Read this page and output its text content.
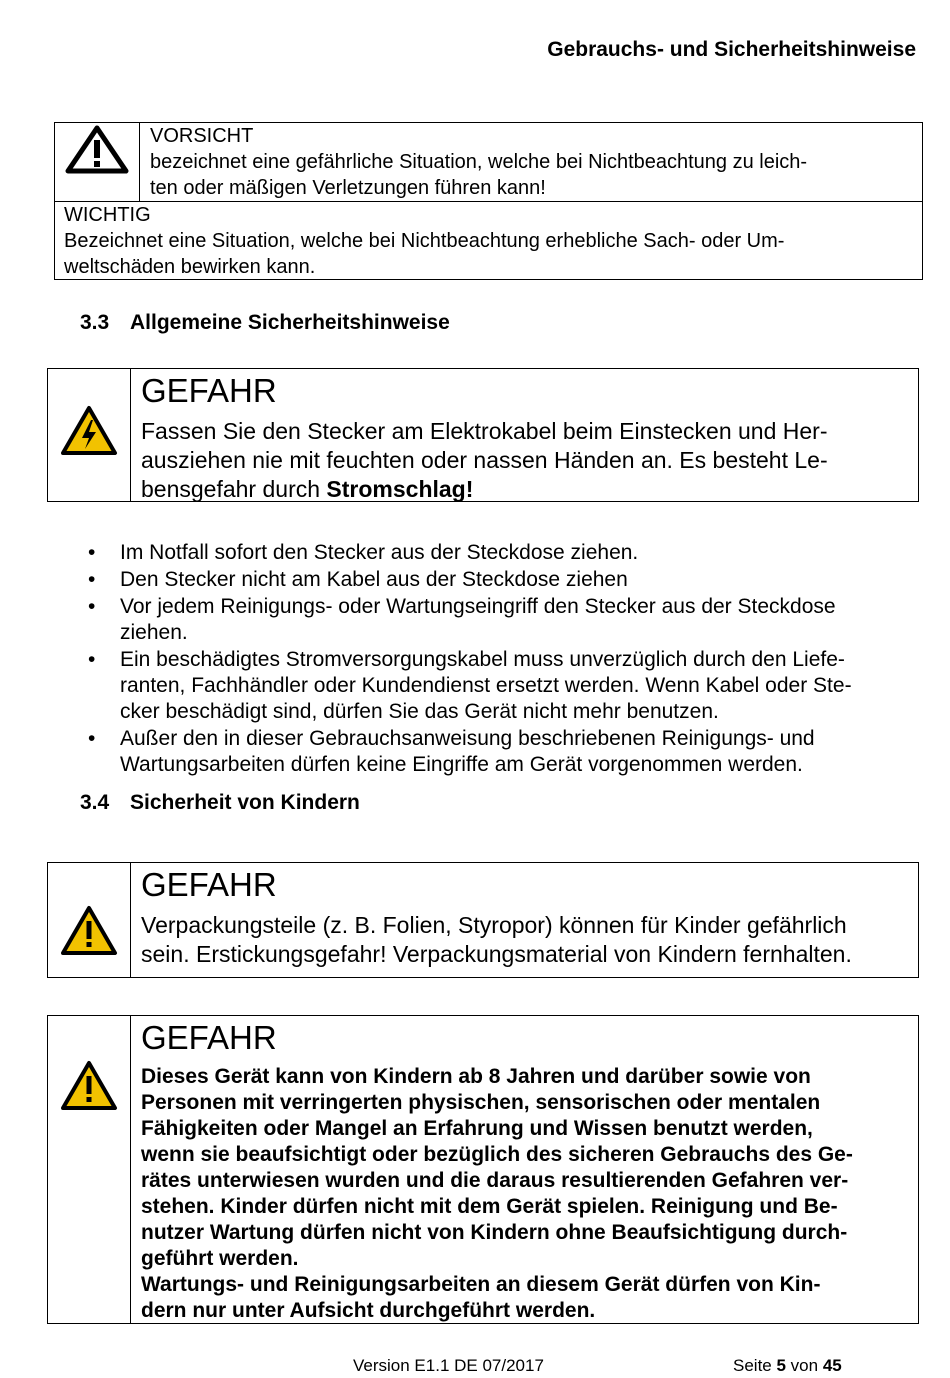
Gebrauchs- und Sicherheitshinweise
VORSICHT
bezeichnet eine gefährliche Situation, welche bei Nichtbeachtung zu leich-
ten oder mäßigen Verletzungen führen kann!
WICHTIG
Bezeichnet eine Situation, welche bei Nichtbeachtung erhebliche Sach- oder Um-
weltschäden bewirken kann.
3.3 Allgemeine Sicherheitshinweise
GEFAHR
Fassen Sie den Stecker am Elektrokabel beim Einstecken und Her-
ausziehen nie mit feuchten oder nassen Händen an. Es besteht Le-
bensgefahr durch Stromschlag!
• Im Notfall sofort den Stecker aus der Steckdose ziehen.
• Den Stecker nicht am Kabel aus der Steckdose ziehen
• Vor jedem Reinigungs- oder Wartungseingriff den Stecker aus der Steckdose
ziehen.
• Ein beschädigtes Stromversorgungskabel muss unverzüglich durch den Liefe-
ranten, Fachhändler oder Kundendienst ersetzt werden. Wenn Kabel oder Ste-
cker beschädigt sind, dürfen Sie das Gerät nicht mehr benutzen.
• Außer den in dieser Gebrauchsanweisung beschriebenen Reinigungs- und
Wartungsarbeiten dürfen keine Eingriffe am Gerät vorgenommen werden.
3.4 Sicherheit von Kindern
GEFAHR
Verpackungsteile (z. B. Folien, Styropor) können für Kinder gefährlich
sein. Erstickungsgefahr! Verpackungsmaterial von Kindern fernhalten.
GEFAHR
Dieses Gerät kann von Kindern ab 8 Jahren und darüber sowie von
Personen mit verringerten physischen, sensorischen oder mentalen
Fähigkeiten oder Mangel an Erfahrung und Wissen benutzt werden,
wenn sie beaufsichtigt oder bezüglich des sicheren Gebrauchs des Ge-
rätes unterwiesen wurden und die daraus resultierenden Gefahren ver-
stehen. Kinder dürfen nicht mit dem Gerät spielen. Reinigung und Be-
nutzer Wartung dürfen nicht von Kindern ohne Beaufsichtigung durch-
geführt werden.
Wartungs- und Reinigungsarbeiten an diesem Gerät dürfen von Kin-
dern nur unter Aufsicht durchgeführt werden.
Version E1.1 DE 07/2017	Seite 5 von 45
